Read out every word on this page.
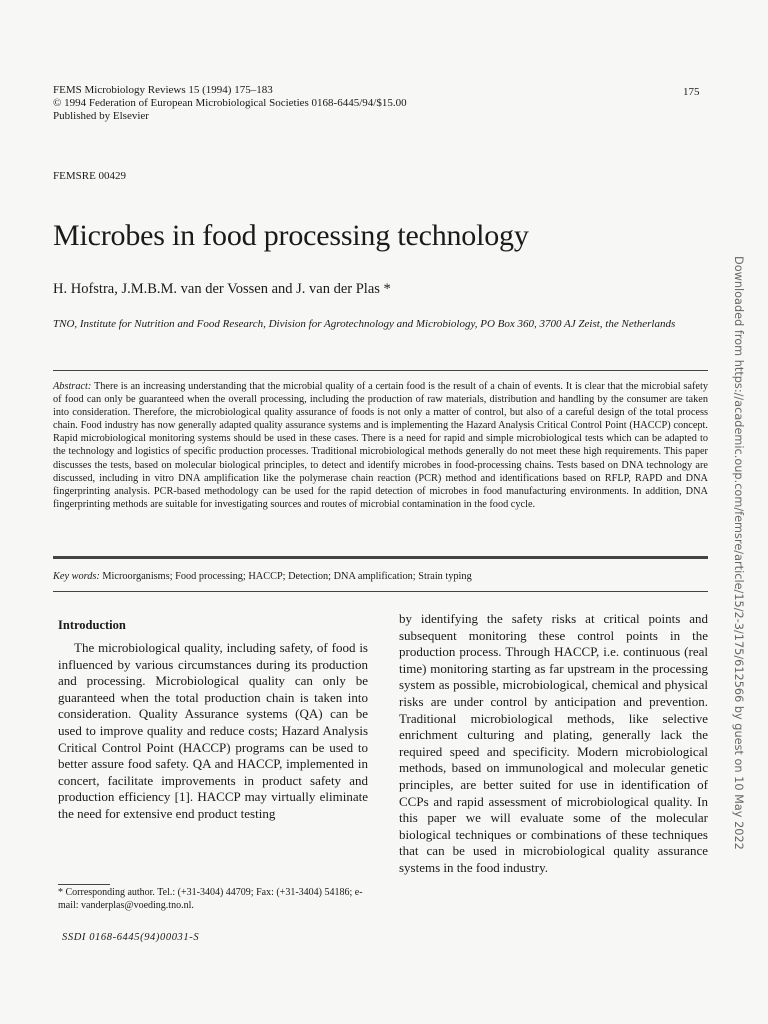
FEMS Microbiology Reviews 15 (1994) 175–183
© 1994 Federation of European Microbiological Societies 0168-6445/94/$15.00
Published by Elsevier
175
FEMSRE 00429
Microbes in food processing technology
H. Hofstra, J.M.B.M. van der Vossen and J. van der Plas *
TNO, Institute for Nutrition and Food Research, Division for Agrotechnology and Microbiology, PO Box 360, 3700 AJ Zeist, the Netherlands
Abstract: There is an increasing understanding that the microbial quality of a certain food is the result of a chain of events. It is clear that the microbial safety of food can only be guaranteed when the overall processing, including the production of raw materials, distribution and handling by the consumer are taken into consideration. Therefore, the microbiological quality assurance of foods is not only a matter of control, but also of a careful design of the total process chain. Food industry has now generally adapted quality assurance systems and is implementing the Hazard Analysis Critical Control Point (HACCP) concept. Rapid microbiological monitoring systems should be used in these cases. There is a need for rapid and simple microbiological tests which can be adapted to the technology and logistics of specific production processes. Traditional microbiological methods generally do not meet these high requirements. This paper discusses the tests, based on molecular biological principles, to detect and identify microbes in food-processing chains. Tests based on DNA technology are discussed, including in vitro DNA amplification like the polymerase chain reaction (PCR) method and identifications based on RFLP, RAPD and DNA fingerprinting analysis. PCR-based methodology can be used for the rapid detection of microbes in food manufacturing environments. In addition, DNA fingerprinting methods are suitable for investigating sources and routes of microbial contamination in the food cycle.
Key words: Microorganisms; Food processing; HACCP; Detection; DNA amplification; Strain typing
Introduction
The microbiological quality, including safety, of food is influenced by various circumstances during its production and processing. Microbiological quality can only be guaranteed when the total production chain is taken into consideration. Quality Assurance systems (QA) can be used to improve quality and reduce costs; Hazard Analysis Critical Control Point (HACCP) programs can be used to better assure food safety. QA and HACCP, implemented in concert, facilitate improvements in product safety and production efficiency [1]. HACCP may virtually eliminate the need for extensive end product testing
by identifying the safety risks at critical points and subsequent monitoring these control points in the production process. Through HACCP, i.e. continuous (real time) monitoring starting as far upstream in the processing system as possible, microbiological, chemical and physical risks are under control by anticipation and prevention. Traditional microbiological methods, like selective enrichment culturing and plating, generally lack the required speed and specificity. Modern microbiological methods, based on immunological and molecular genetic principles, are better suited for use in identification of CCPs and rapid assessment of microbiological quality. In this paper we will evaluate some of the molecular biological techniques or combinations of these techniques that can be used in microbiological quality assurance systems in the food industry.
* Corresponding author. Tel.: (+31-3404) 44709; Fax: (+31-3404) 54186; e-mail: vanderplas@voeding.tno.nl.
SSDI 0168-6445(94)00031-S
Downloaded from https://academic.oup.com/femsre/article/15/2-3/175/612566 by guest on 10 May 2022
